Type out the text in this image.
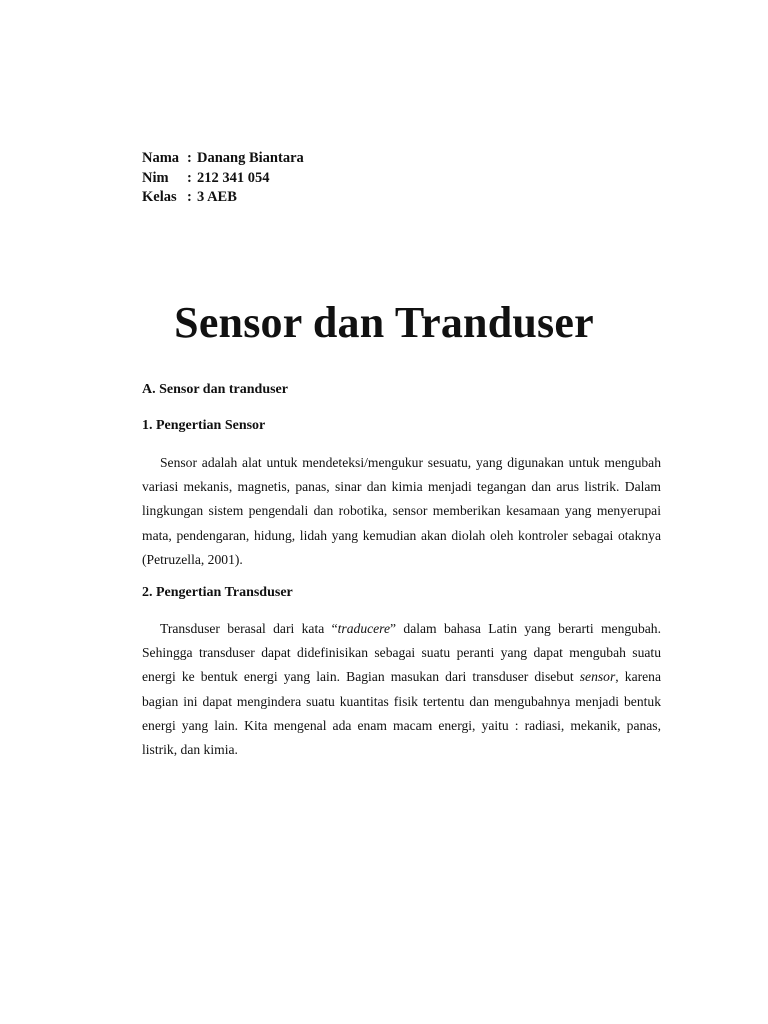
Nama : Danang Biantara
Nim	: 212 341 054
Kelas : 3 AEB
Sensor dan Tranduser
A. Sensor dan tranduser
1. Pengertian Sensor

Sensor adalah alat untuk mendeteksi/mengukur sesuatu, yang digunakan untuk mengubah variasi mekanis, magnetis, panas, sinar dan kimia menjadi tegangan dan arus listrik. Dalam lingkungan sistem pengendali dan robotika, sensor memberikan kesamaan yang menyerupai mata, pendengaran, hidung, lidah yang kemudian akan diolah oleh kontroler sebagai otaknya (Petruzella, 2001).

2. Pengertian Transduser

Transduser berasal dari kata “traducere” dalam bahasa Latin yang berarti mengubah. Sehingga transduser dapat didefinisikan sebagai suatu peranti yang dapat mengubah suatu energi ke bentuk energi yang lain. Bagian masukan dari transduser disebut sensor, karena bagian ini dapat mengindera suatu kuantitas fisik tertentu dan mengubahnya menjadi bentuk energi yang lain. Kita mengenal ada enam macam energi, yaitu : radiasi, mekanik, panas, listrik, dan kimia.
